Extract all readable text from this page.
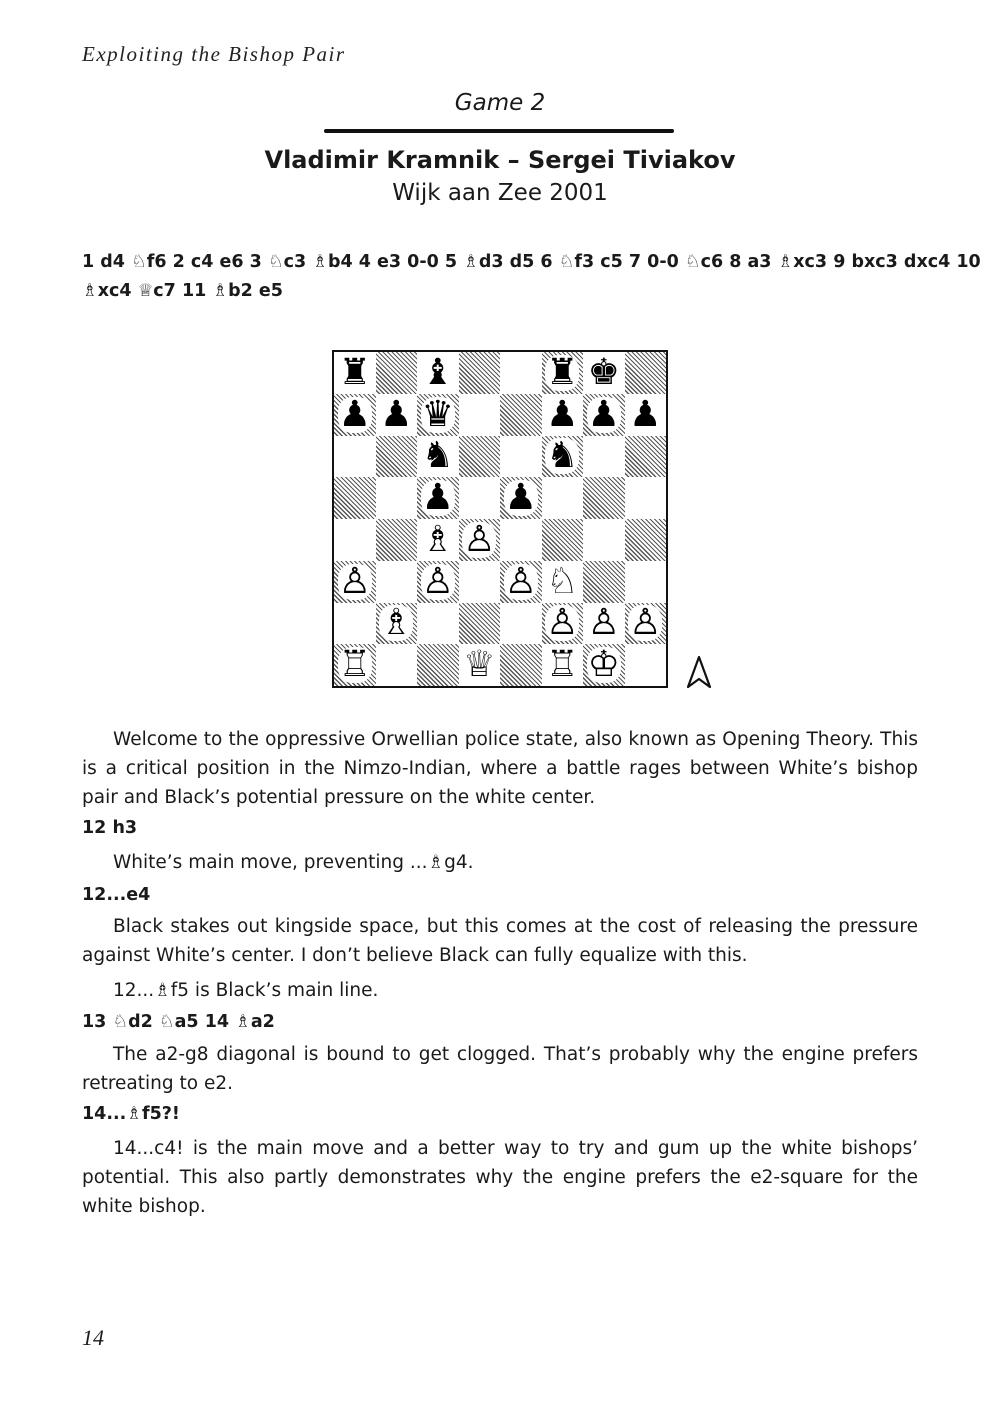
Exploiting the Bishop Pair
Game 2
Vladimir Kramnik – Sergei Tiviakov
Wijk aan Zee 2001
1 d4 ♘f6 2 c4 e6 3 ♘c3 ♗b4 4 e3 0-0 5 ♗d3 d5 6 ♘f3 c5 7 0-0 ♘c6 8 a3 ♗xc3 9 bxc3 dxc4 10
♗xc4 ♕c7 11 ♗b2 e5
♜ ♝	♜ ♚
♟ ♟ ♛	♟ ♟ ♟
♞	♞
♟ ♟
♗ ♙
♙ ♙ ♙ ♘
♗	♙ ♙ ♙
♖	♕ ♖ ♔
Welcome to the oppressive Orwellian police state, also known as Opening Theory. This is a critical position in the Nimzo-Indian, where a battle rages between White’s bishop pair and Black’s potential pressure on the white center.
12 h3
White’s main move, preventing ...♗g4.
12...e4
Black stakes out kingside space, but this comes at the cost of releasing the pressure against White’s center. I don’t believe Black can fully equalize with this.
12...♗f5 is Black’s main line.
13 ♘d2 ♘a5 14 ♗a2
The a2-g8 diagonal is bound to get clogged. That’s probably why the engine prefers retreating to e2.
14...♗f5?!
14...c4! is the main move and a better way to try and gum up the white bishops’ potential. This also partly demonstrates why the engine prefers the e2-square for the white bishop.
14
